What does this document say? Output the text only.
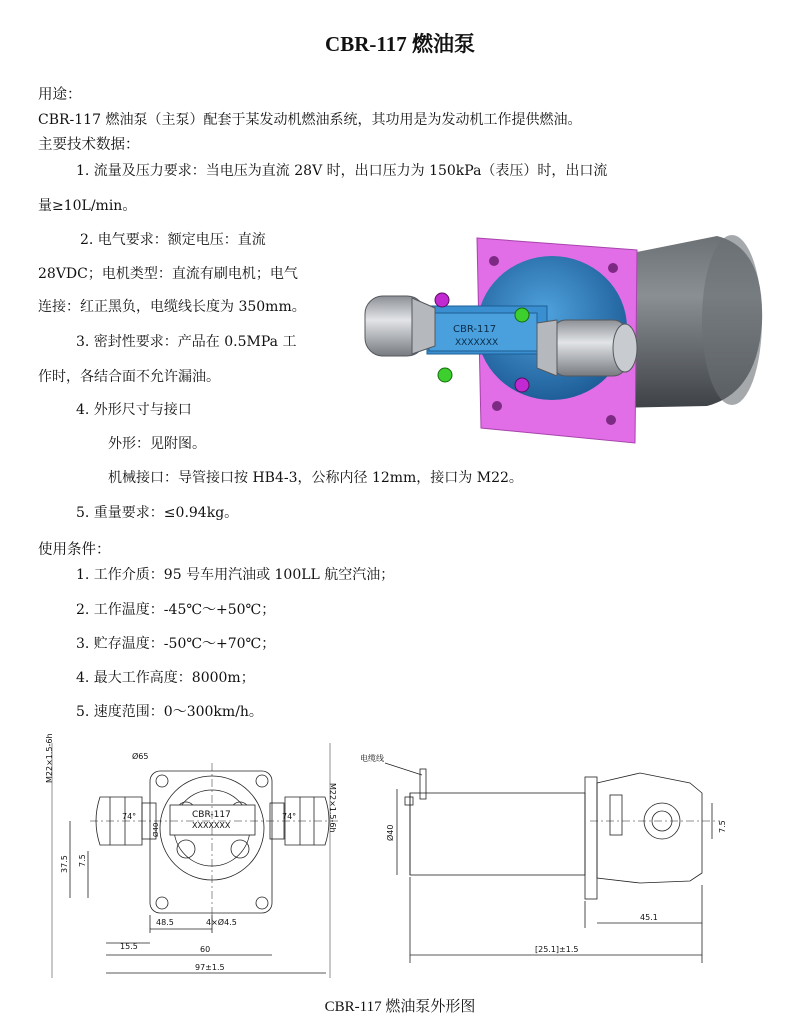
CBR-117 燃油泵
用途：
CBR-117 燃油泵（主泵）配套于某发动机燃油系统，其功用是为发动机工作提供燃油。
主要技术数据：
1. 流量及压力要求：当电压为直流 28V 时，出口压力为 150kPa（表压）时，出口流
量≥10L/min。
2. 电气要求：额定电压：直流
28VDC；电机类型：直流有刷电机；电气
连接：红正黑负，电缆线长度为 350mm。
3. 密封性要求：产品在 0.5MPa 工
作时，各结合面不允许漏油。
4. 外形尺寸与接口
外形：见附图。
机械接口：导管接口按 HB4-3，公称内径 12mm，接口为 M22。
5. 重量要求：≤0.94kg。
使用条件：
1. 工作介质：95 号车用汽油或 100LL 航空汽油；
2. 工作温度：-45℃～+50℃；
3. 贮存温度：-50℃～+70℃；
4. 最大工作高度：8000m；
5. 速度范围：0～300km/h。
CBR-117
XXXXXXX
CBR-117
XXXXXXX
M22×1.5-6h
M22×1.5-6h
Ø65
74°	74°
Ø40
37.5 7.5
48.5	4×Ø4.5
15.5	60
97±1.5
电缆线
Ø40
45.1
[25.1]±1.5
7.5
CBR-117 燃油泵外形图
